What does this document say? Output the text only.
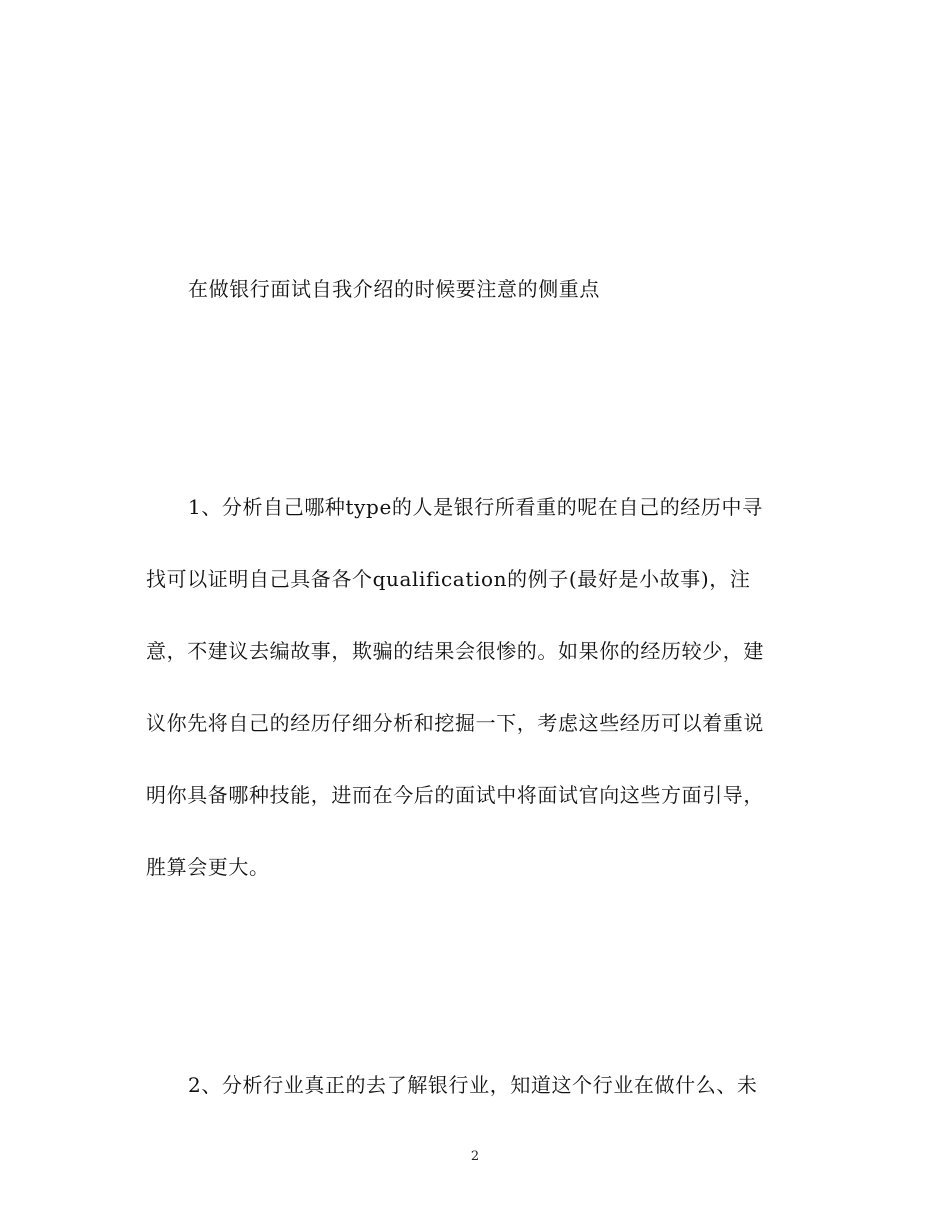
在做银行面试自我介绍的时候要注意的侧重点
1、分析自己哪种type的人是银行所看重的呢在自己的经历中寻
找可以证明自己具备各个qualification的例子(最好是小故事)，注
意，不建议去编故事，欺骗的结果会很惨的。如果你的经历较少，建
议你先将自己的经历仔细分析和挖掘一下，考虑这些经历可以着重说
明你具备哪种技能，进而在今后的面试中将面试官向这些方面引导，
胜算会更大。
2、分析行业真正的去了解银行业，知道这个行业在做什么、未
2
